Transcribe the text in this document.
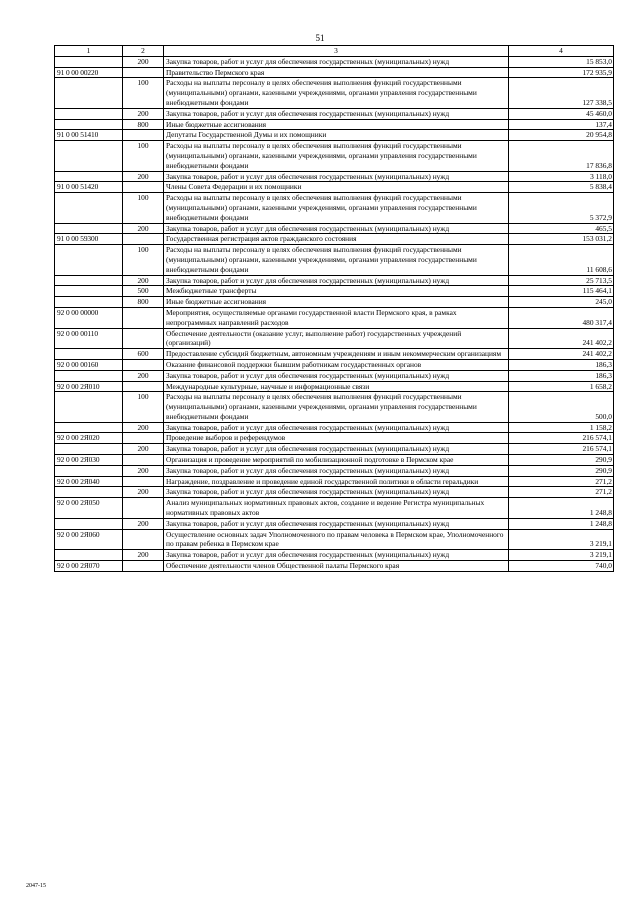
51
1	2	3	4
	200	Закупка товаров, работ и услуг для обеспечения государственных (муниципальных) нужд	15 853,0
91 0 00 00220		Правительство Пермского края	172 935,9
	100	Расходы на выплаты персоналу в целях обеспечения выполнения функций государственными (муниципальными) органами, казенными учреждениями, органами управления государственными внебюджетными фондами	127 338,5
	200	Закупка товаров, работ и услуг для обеспечения государственных (муниципальных) нужд	45 460,0
	800	Иные бюджетные ассигнования	137,4
91 0 00 51410		Депутаты Государственной Думы и их помощники	20 954,8
	100	Расходы на выплаты персоналу в целях обеспечения выполнения функций государственными (муниципальными) органами, казенными учреждениями, органами управления государственными внебюджетными фондами	17 836,8
	200	Закупка товаров, работ и услуг для обеспечения государственных (муниципальных) нужд	3 118,0
91 0 00 51420		Члены Совета Федерации и их помощники	5 838,4
	100	Расходы на выплаты персоналу в целях обеспечения выполнения функций государственными (муниципальными) органами, казенными учреждениями, органами управления государственными внебюджетными фондами	5 372,9
	200	Закупка товаров, работ и услуг для обеспечения государственных (муниципальных) нужд	465,5
91 0 00 59300		Государственная регистрация актов гражданского состояния	153 031,2
	100	Расходы на выплаты персоналу в целях обеспечения выполнения функций государственными (муниципальными) органами, казенными учреждениями, органами управления государственными внебюджетными фондами	11 608,6
	200	Закупка товаров, работ и услуг для обеспечения государственных (муниципальных) нужд	25 713,5
	500	Межбюджетные трансферты	115 464,1
	800	Иные бюджетные ассигнования	245,0
92 0 00 00000		Мероприятия, осуществляемые органами государственной власти Пермского края, в рамках непрограммных направлений расходов	480 317,4
92 0 00 00110		Обеспечение деятельности (оказание услуг, выполнение работ) государственных учреждений (организаций)	241 402,2
	600	Предоставление субсидий бюджетным, автономным учреждениям и иным некоммерческим организациям	241 402,2
92 0 00 00160		Оказание финансовой поддержки бывшим работникам государственных органов	186,3
	200	Закупка товаров, работ и услуг для обеспечения государственных (муниципальных) нужд	186,3
92 0 00 2Я010		Международные культурные, научные и информационные связи	1 658,2
	100	Расходы на выплаты персоналу в целях обеспечения выполнения функций государственными (муниципальными) органами, казенными учреждениями, органами управления государственными внебюджетными фондами	500,0
	200	Закупка товаров, работ и услуг для обеспечения государственных (муниципальных) нужд	1 158,2
92 0 00 2Я020		Проведение выборов и референдумов	216 574,1
	200	Закупка товаров, работ и услуг для обеспечения государственных (муниципальных) нужд	216 574,1
92 0 00 2Я030		Организация и проведение мероприятий по мобилизационной подготовке в Пермском крае	290,9
	200	Закупка товаров, работ и услуг для обеспечения государственных (муниципальных) нужд	290,9
92 0 00 2Я040		Награждение, поздравление и проведение единой государственной политики в области геральдики	271,2
	200	Закупка товаров, работ и услуг для обеспечения государственных (муниципальных) нужд	271,2
92 0 00 2Я050		Анализ муниципальных нормативных правовых актов, создание и ведение Регистра муниципальных нормативных правовых актов	1 248,8
	200	Закупка товаров, работ и услуг для обеспечения государственных (муниципальных) нужд	1 248,8
92 0 00 2Я060		Осуществление основных задач Уполномоченного по правам человека в Пермском крае, Уполномоченного по правам ребенка в Пермском крае	3 219,1
	200	Закупка товаров, работ и услуг для обеспечения государственных (муниципальных) нужд	3 219,1
92 0 00 2Я070		Обеспечение деятельности членов Общественной палаты Пермского края	740,0
2047-15
